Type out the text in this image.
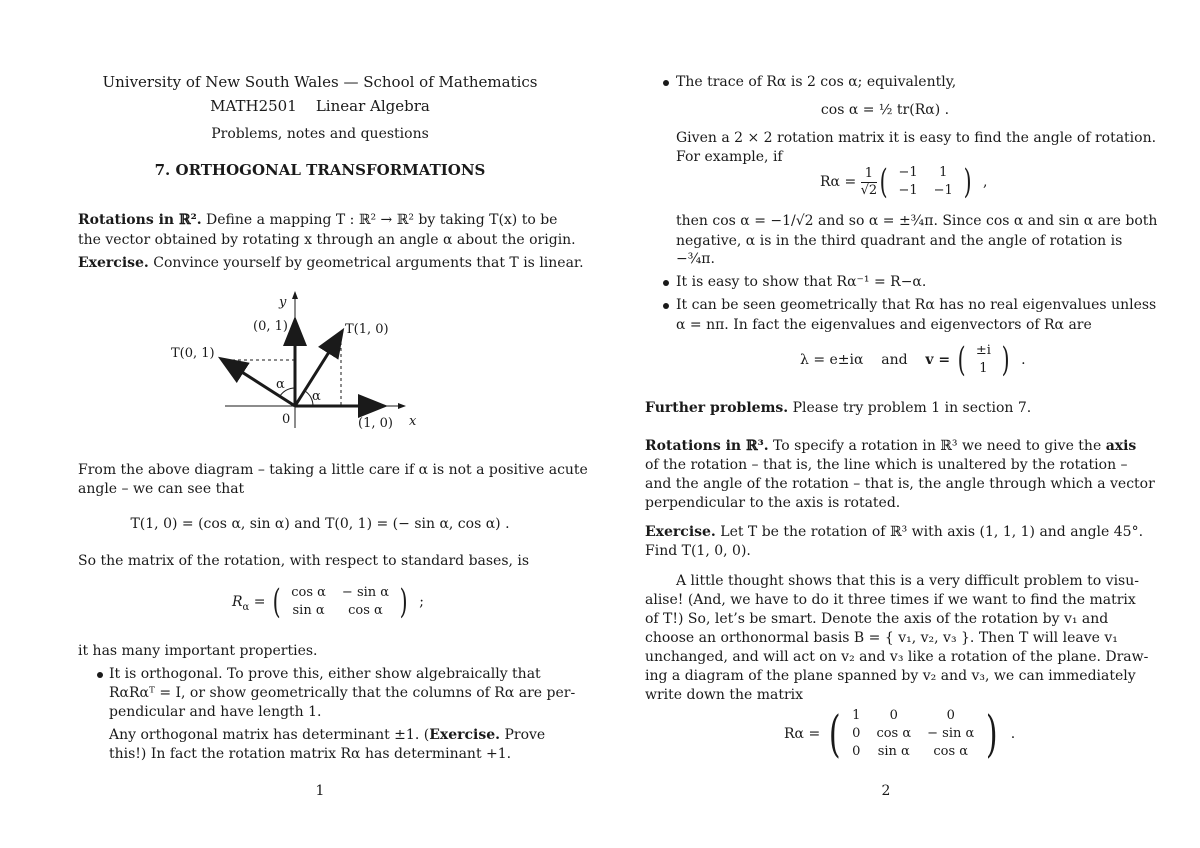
University of New South Wales — School of Mathematics
MATH2501 Linear Algebra
Problems, notes and questions
7. ORTHOGONAL TRANSFORMATIONS
Rotations in ℝ². Define a mapping T : ℝ² → ℝ² by taking T(x) to be
the vector obtained by rotating x through an angle α about the origin.
Exercise. Convince yourself by geometrical arguments that T is linear.
y
x
0
(0, 1)
(1, 0)
T(1, 0)
T(0, 1)
α
α
From the above diagram – taking a little care if α is not a positive acute
angle – we can see that
T(1, 0) = (cos α, sin α) and T(0, 1) = (− sin α, cos α) .
So the matrix of the rotation, with respect to standard bases, is
$R_\alpha$ = ( cos α	− sin α
sin α	cos α ) ;
it has many important properties.
It is orthogonal. To prove this, either show algebraically that
RαRαᵀ = I, or show geometrically that the columns of Rα are per-
pendicular and have length 1.
Any orthogonal matrix has determinant ±1. (Exercise. Prove
this!) In fact the rotation matrix Rα has determinant +1.
1
The trace of Rα is 2 cos α; equivalently,
cos α = ½ tr(Rα) .
Given a 2 × 2 rotation matrix it is easy to find the angle of rotation.
For example, if
$R\alpha = \frac{1}{√2}$ ( −1	1
−1	−1 ) ,
then cos α = −1/√2 and so α = ±¾π. Since cos α and sin α are both
negative, α is in the third quadrant and the angle of rotation is
−¾π.
It is easy to show that Rα⁻¹ = R−α.
It can be seen geometrically that Rα has no real eigenvalues unless
α = nπ. In fact the eigenvalues and eigenvectors of Rα are
λ = e±iα and v = ( ±i
1 ) .
Further problems. Please try problem 1 in section 7.
Rotations in ℝ³. To specify a rotation in ℝ³ we need to give the axis
of the rotation – that is, the line which is unaltered by the rotation –
and the angle of the rotation – that is, the angle through which a vector
perpendicular to the axis is rotated.
Exercise. Let T be the rotation of ℝ³ with axis (1, 1, 1) and angle 45°.
Find T(1, 0, 0).
A little thought shows that this is a very difficult problem to visu-
alise! (And, we have to do it three times if we want to find the matrix
of T!) So, let’s be smart. Denote the axis of the rotation by v₁ and
choose an orthonormal basis B = { v₁, v₂, v₃ }. Then T will leave v₁
unchanged, and will act on v₂ and v₃ like a rotation of the plane. Draw-
ing a diagram of the plane spanned by v₂ and v₃, we can immediately
write down the matrix
Rα = ( 1	0	0
0	cos α	− sin α
0	sin α	cos α ) .
2
